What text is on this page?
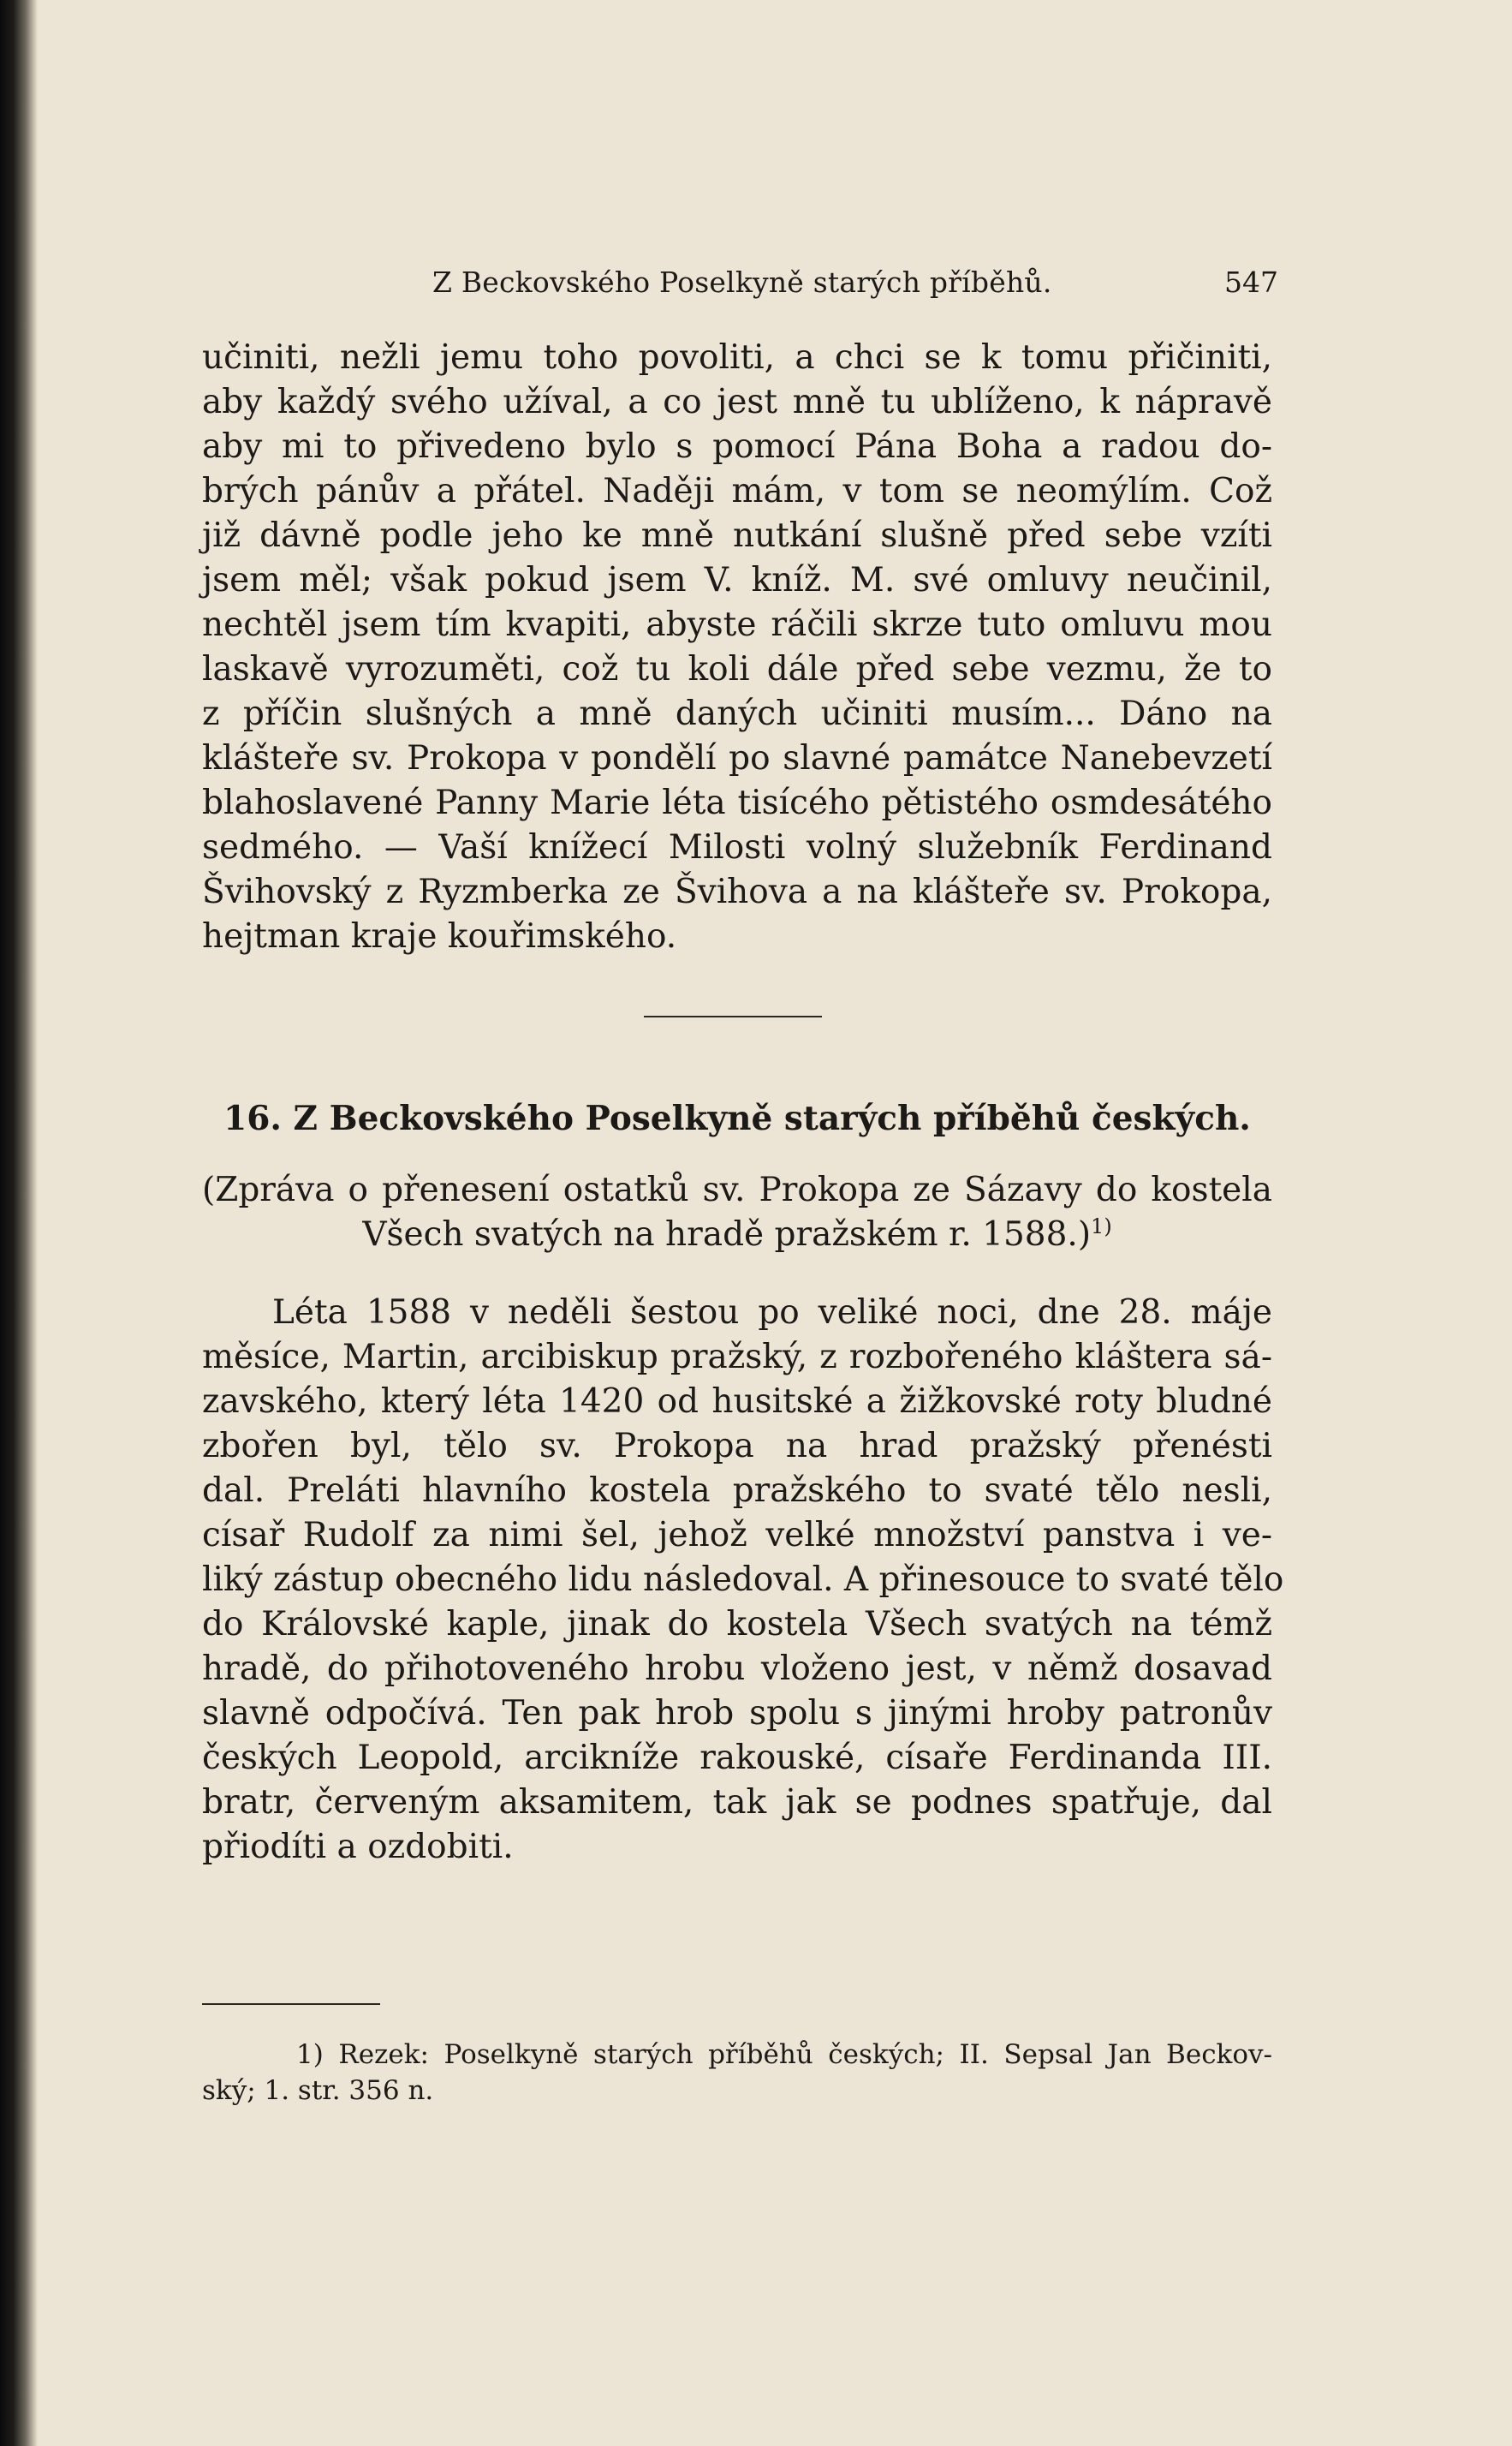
Z Beckovského Poselkyně starých příběhů.	547
učiniti, nežli jemu toho povoliti, a chci se k tomu přičiniti,
aby každý svého užíval, a co jest mně tu ublíženo, k nápravě
aby mi to přivedeno bylo s pomocí Pána Boha a radou do-
brých pánův a přátel. Naději mám, v tom se neomýlím. Což
již dávně podle jeho ke mně nutkání slušně před sebe vzíti
jsem měl; však pokud jsem V. kníž. M. své omluvy neučinil,
nechtěl jsem tím kvapiti, abyste ráčili skrze tuto omluvu mou
laskavě vyrozuměti, což tu koli dále před sebe vezmu, že to
z příčin slušných a mně daných učiniti musím... Dáno na
klášteře sv. Prokopa v pondělí po slavné památce Nanebevzetí
blahoslavené Panny Marie léta tisícého pětistého osmdesátého
sedmého. — Vaší knížecí Milosti volný služebník Ferdinand
Švihovský z Ryzmberka ze Švihova a na klášteře sv. Prokopa,
hejtman kraje kouřimského.
16. Z Beckovského Poselkyně starých příběhů českých.
(Zpráva o přenesení ostatků sv. Prokopa ze Sázavy do kostela
Všech svatých na hradě pražském r. 1588.)$^{1)}$
Léta 1588 v neděli šestou po veliké noci, dne 28. máje
měsíce, Martin, arcibiskup pražský, z rozbořeného kláštera sá-
zavského, který léta 1420 od husitské a žižkovské roty bludné
zbořen byl, tělo sv. Prokopa na hrad pražský přenésti
dal. Preláti hlavního kostela pražského to svaté tělo nesli,
císař Rudolf za nimi šel, jehož velké množství panstva i ve-
liký zástup obecného lidu následoval. A přinesouce to svaté tělo
do Královské kaple, jinak do kostela Všech svatých na témž
hradě, do přihotoveného hrobu vloženo jest, v němž dosavad
slavně odpočívá. Ten pak hrob spolu s jinými hroby patronův
českých Leopold, arcikníže rakouské, císaře Ferdinanda III.
bratr, červeným aksamitem, tak jak se podnes spatřuje, dal
přiodíti a ozdobiti.
1) Rezek: Poselkyně starých příběhů českých; II. Sepsal Jan Beckov-
ský; 1. str. 356 n.
